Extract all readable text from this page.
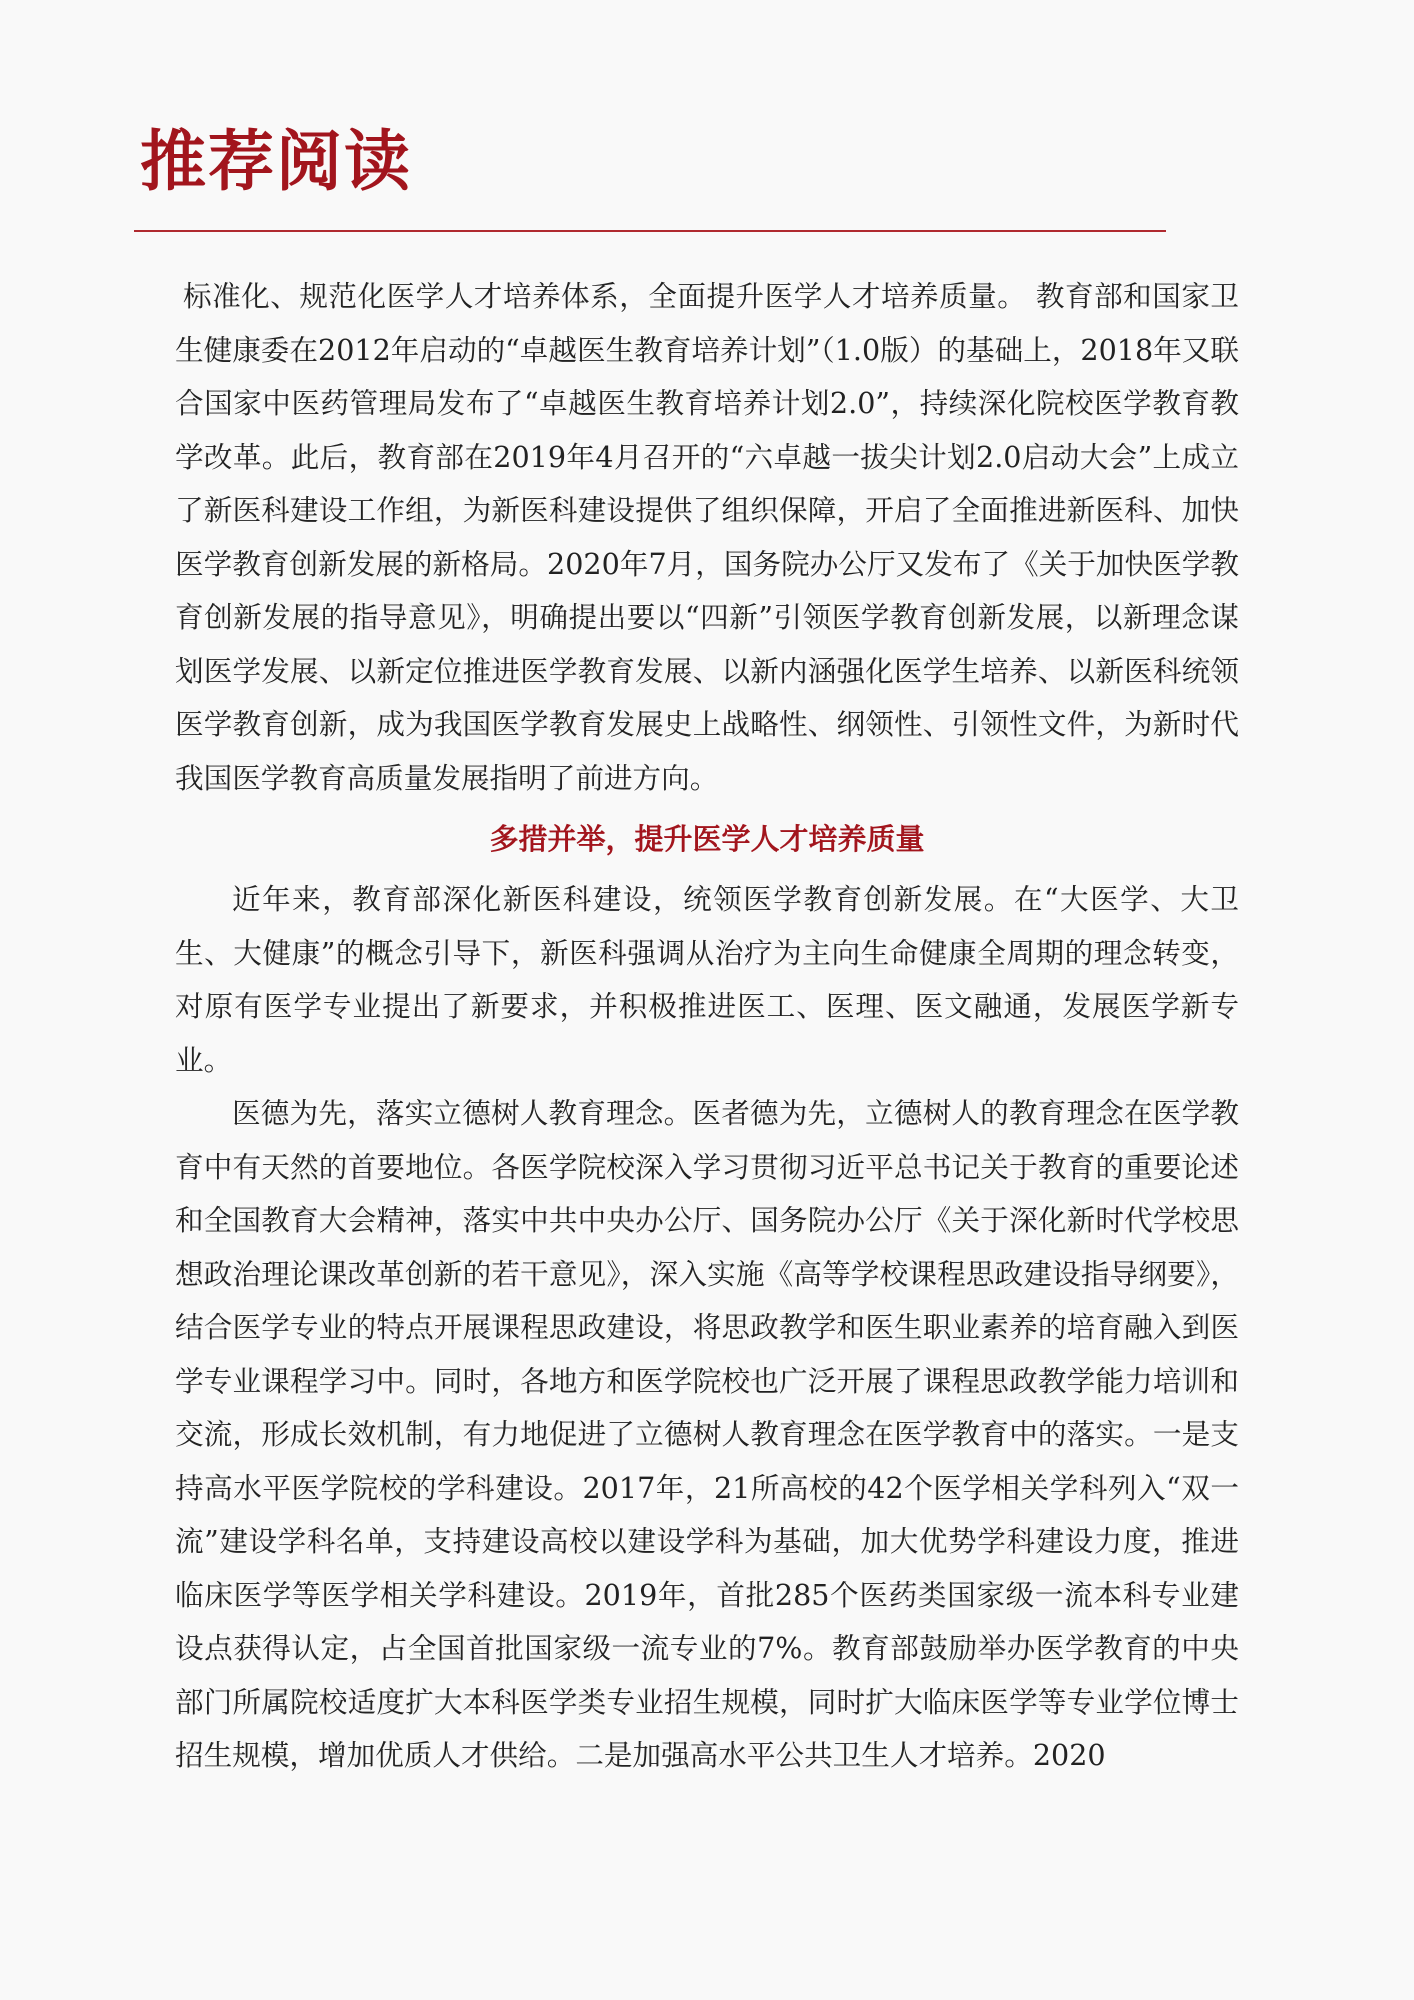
推荐阅读

标准化、规范化医学人才培养体系，全面提升医学人才培养质量。 教育部和国家卫生健康委在2012年启动的“卓越医生教育培养计划”（1.0版）的基础上，2018年又联合国家中医药管理局发布了“卓越医生教育培养计划2.0”，持续深化院校医学教育教学改革。此后，教育部在2019年4月召开的“六卓越一拔尖计划2.0启动大会”上成立了新医科建设工作组，为新医科建设提供了组织保障，开启了全面推进新医科、加快医学教育创新发展的新格局。2020年7月，国务院办公厅又发布了《关于加快医学教育创新发展的指导意见》，明确提出要以“四新”引领医学教育创新发展，以新理念谋划医学发展、以新定位推进医学教育发展、以新内涵强化医学生培养、以新医科统领医学教育创新，成为我国医学教育发展史上战略性、纲领性、引领性文件，为新时代我国医学教育高质量发展指明了前进方向。

多措并举，提升医学人才培养质量

近年来，教育部深化新医科建设，统领医学教育创新发展。在“大医学、大卫生、大健康”的概念引导下，新医科强调从治疗为主向生命健康全周期的理念转变，对原有医学专业提出了新要求，并积极推进医工、医理、医文融通，发展医学新专业。

医德为先，落实立德树人教育理念。医者德为先，立德树人的教育理念在医学教育中有天然的首要地位。各医学院校深入学习贯彻习近平总书记关于教育的重要论述和全国教育大会精神，落实中共中央办公厅、国务院办公厅《关于深化新时代学校思想政治理论课改革创新的若干意见》，深入实施《高等学校课程思政建设指导纲要》，结合医学专业的特点开展课程思政建设，将思政教学和医生职业素养的培育融入到医学专业课程学习中。同时，各地方和医学院校也广泛开展了课程思政教学能力培训和交流，形成长效机制，有力地促进了立德树人教育理念在医学教育中的落实。一是支持高水平医学院校的学科建设。2017年，21所高校的42个医学相关学科列入“双一流”建设学科名单，支持建设高校以建设学科为基础，加大优势学科建设力度，推进临床医学等医学相关学科建设。2019年，首批285个医药类国家级一流本科专业建设点获得认定，占全国首批国家级一流专业的7%。教育部鼓励举办医学教育的中央部门所属院校适度扩大本科医学类专业招生规模，同时扩大临床医学等专业学位博士招生规模，增加优质人才供给。二是加强高水平公共卫生人才培养。2020
